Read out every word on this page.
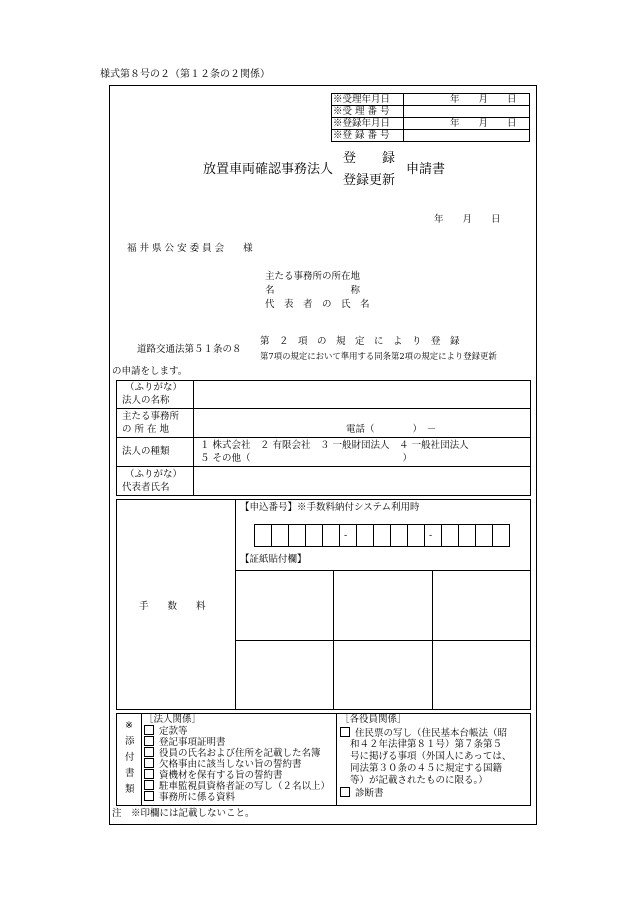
様式第８号の２（第１２条の２関係）
※受理年月日	年　　月　　日
※受 理 番 号
※登録年月日	年　　月　　日
※登 録 番 号
放置車両確認事務法人
登　　録
登録更新
申請書
年　　月　　日
福 井 県 公 安 委 員 会　　様
主たる事務所の所在地
名　　　　　　　　称
代　表　者　の　氏　名
道路交通法第５１条の８
第　２　項　の　規　定　に　よ　り　登　録
第7項の規定において準用する同条第2項の規定により登録更新
の申請をします。
（ふりがな）
法人の名称
主たる事務所
の 所 在 地	電話（　　　　）　－
法人の種類
１ 株式会社　２ 有限会社　３ 一般財団法人　４ 一般社団法人
５ その他（　　　　　　　　　　　　　　　　）
（ふりがな）
代表者氏名
手　　数　　料
【申込番号】※手数料納付システム利用時
-	-
【証紙貼付欄】
※
添
付
書
類
［法人関係］
定款等
登記事項証明書
役員の氏名および住所を記載した名簿
欠格事由に該当しない旨の誓約書
資機材を保有する旨の誓約書
駐車監視員資格者証の写し（２名以上）
事務所に係る資料
［各役員関係］
住民票の写し（住民基本台帳法（昭
和４２年法律第８１号）第７条第５
号に掲げる事項（外国人にあっては、
同法第３０条の４５に規定する国籍
等）が記載されたものに限る。）
診断書
注　※印欄には記載しないこと。
